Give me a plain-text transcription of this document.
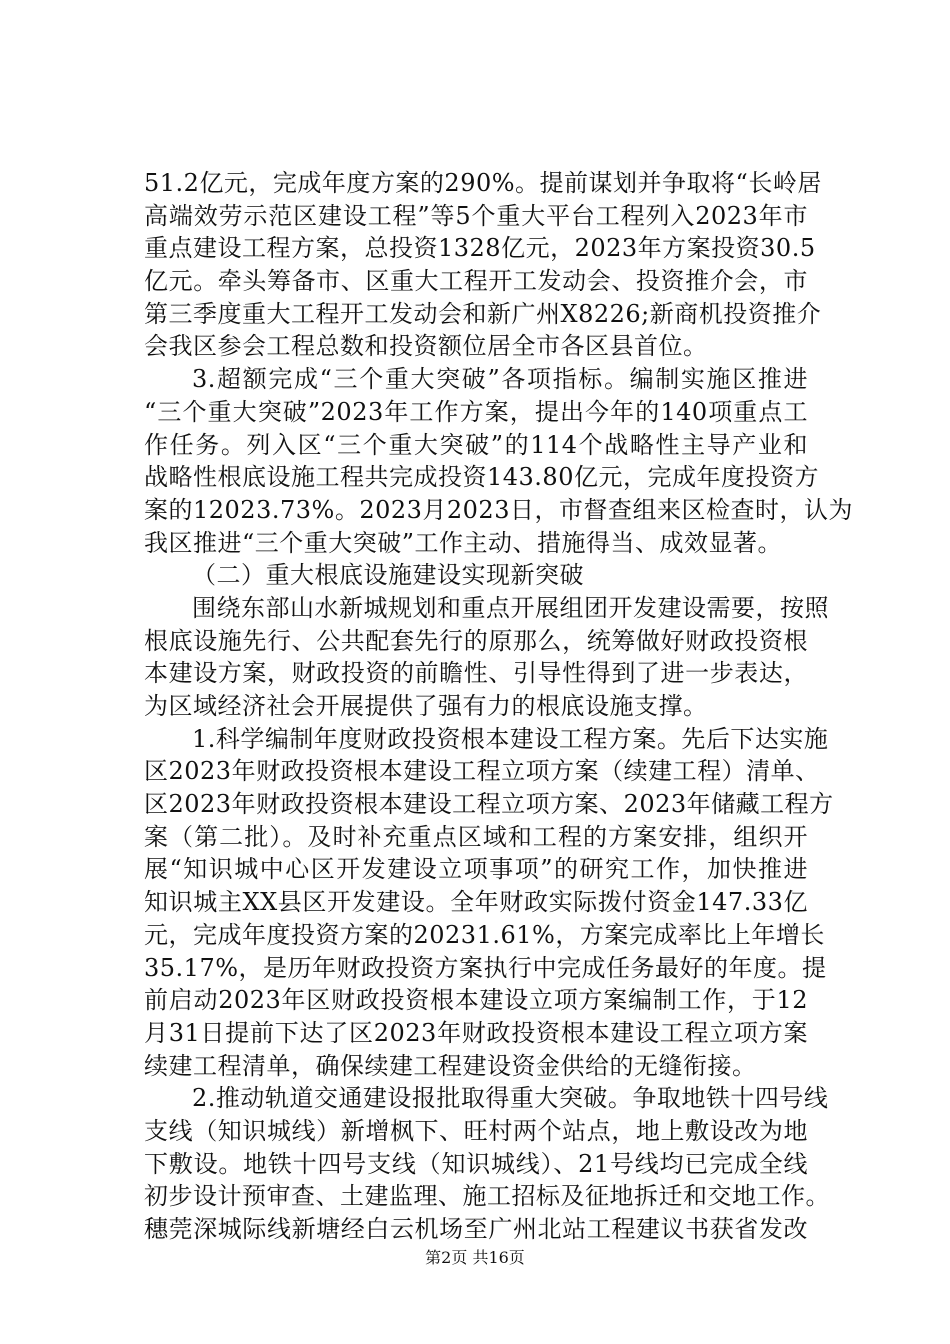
51.2亿元，完成年度方案的290%。提前谋划并争取将“长岭居
高端效劳示范区建设工程”等5个重大平台工程列入2023年市
重点建设工程方案，总投资1328亿元，2023年方案投资30.5
亿元。牵头筹备市、区重大工程开工发动会、投资推介会，市
第三季度重大工程开工发动会和新广州X8226;新商机投资推介
会我区参会工程总数和投资额位居全市各区县首位。
3.超额完成“三个重大突破”各项指标。编制实施区推进
“三个重大突破”2023年工作方案，提出今年的140项重点工
作任务。列入区“三个重大突破”的114个战略性主导产业和
战略性根底设施工程共完成投资143.80亿元，完成年度投资方
案的12023.73%。2023月2023日，市督查组来区检查时，认为
我区推进“三个重大突破”工作主动、措施得当、成效显著。
（二）重大根底设施建设实现新突破
围绕东部山水新城规划和重点开展组团开发建设需要，按照
根底设施先行、公共配套先行的原那么，统筹做好财政投资根
本建设方案，财政投资的前瞻性、引导性得到了进一步表达，
为区域经济社会开展提供了强有力的根底设施支撑。
1.科学编制年度财政投资根本建设工程方案。先后下达实施
区2023年财政投资根本建设工程立项方案（续建工程）清单、
区2023年财政投资根本建设工程立项方案、2023年储藏工程方
案（第二批）。及时补充重点区域和工程的方案安排，组织开
展“知识城中心区开发建设立项事项”的研究工作，加快推进
知识城主XX县区开发建设。全年财政实际拨付资金147.33亿
元，完成年度投资方案的20231.61%，方案完成率比上年增长
35.17%，是历年财政投资方案执行中完成任务最好的年度。提
前启动2023年区财政投资根本建设立项方案编制工作，于12
月31日提前下达了区2023年财政投资根本建设工程立项方案
续建工程清单，确保续建工程建设资金供给的无缝衔接。
2.推动轨道交通建设报批取得重大突破。争取地铁十四号线
支线（知识城线）新增枫下、旺村两个站点，地上敷设改为地
下敷设。地铁十四号支线（知识城线）、21号线均已完成全线
初步设计预审查、土建监理、施工招标及征地拆迁和交地工作。
穗莞深城际线新塘经白云机场至广州北站工程建议书获省发改
第2页 共16页
